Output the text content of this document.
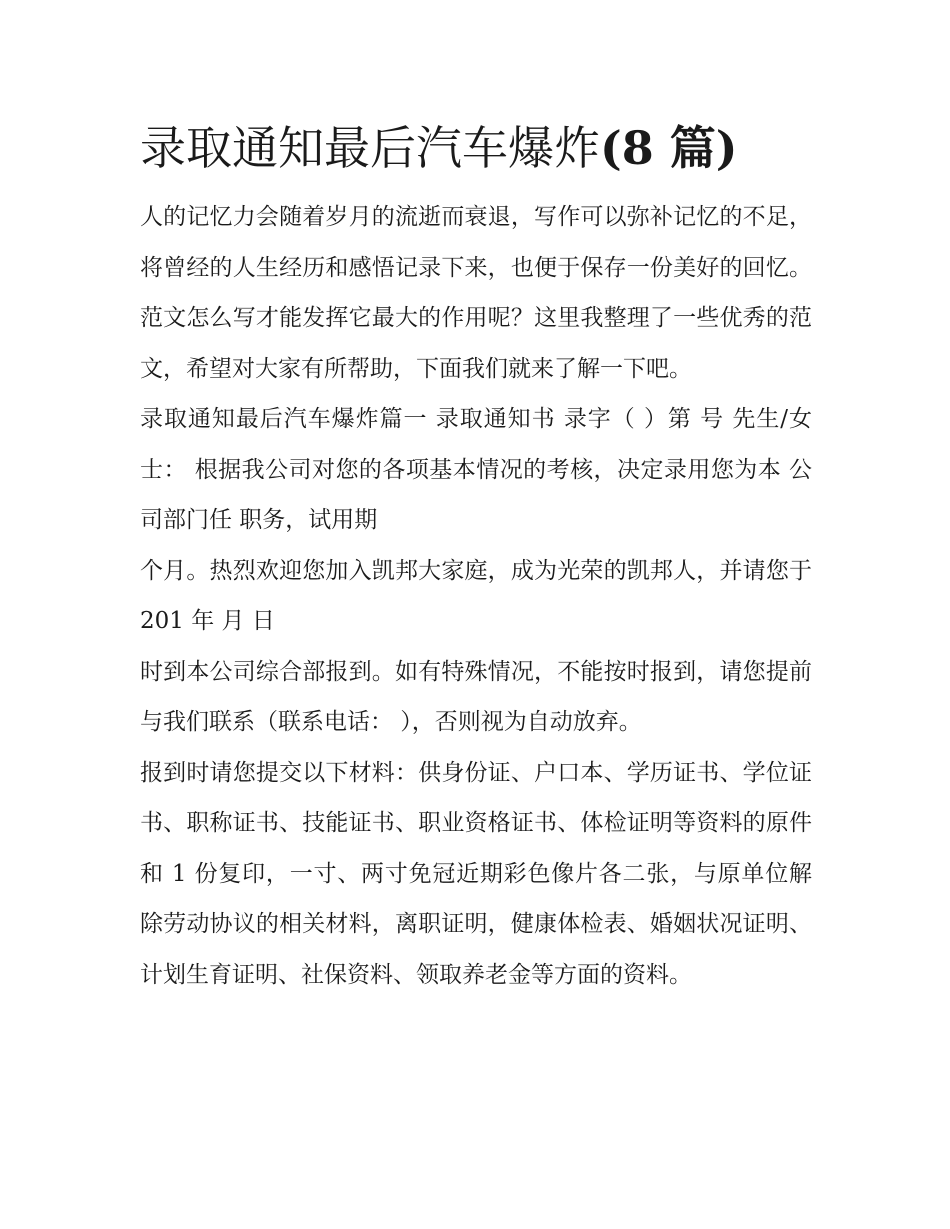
录取通知最后汽车爆炸(8 篇)

人的记忆力会随着岁月的流逝而衰退，写作可以弥补记忆的不足，将曾经的人生经历和感悟记录下来，也便于保存一份美好的回忆。范文怎么写才能发挥它最大的作用呢？这里我整理了一些优秀的范文，希望对大家有所帮助，下面我们就来了解一下吧。

录取通知最后汽车爆炸篇一 录取通知书 录字（ ）第 号 先生/女士： 根据我公司对您的各项基本情况的考核，决定录用您为本 公司部门任 职务，试用期

个月。热烈欢迎您加入凯邦大家庭，成为光荣的凯邦人，并请您于 201 年 月 日

时到本公司综合部报到。如有特殊情况，不能按时报到，请您提前与我们联系（联系电话： ），否则视为自动放弃。

报到时请您提交以下材料：供身份证、户口本、学历证书、学位证书、职称证书、技能证书、职业资格证书、体检证明等资料的原件和 1 份复印，一寸、两寸免冠近期彩色像片各二张，与原单位解除劳动协议的相关材料，离职证明，健康体检表、婚姻状况证明、计划生育证明、社保资料、领取养老金等方面的资料。
